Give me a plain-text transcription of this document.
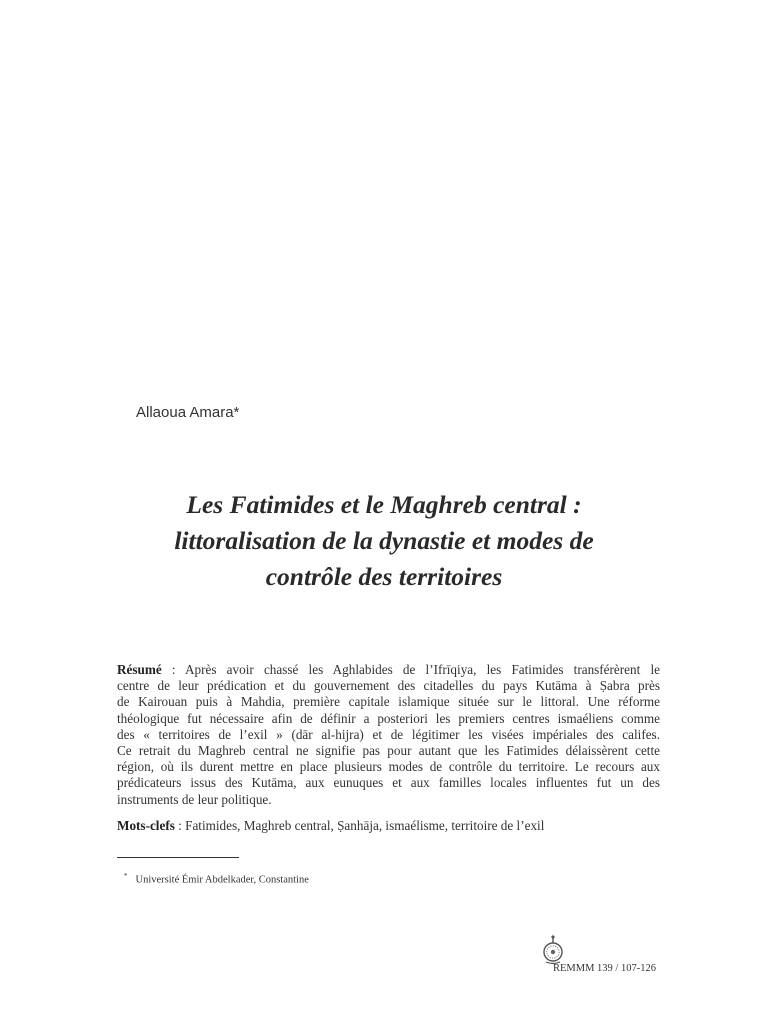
Allaoua Amara*
Les Fatimides et le Maghreb central :
littoralisation de la dynastie et modes de
contrôle des territoires
Résumé : Après avoir chassé les Aghlabides de l’Ifrīqiya, les Fatimides transférèrent le
centre de leur prédication et du gouvernement des citadelles du pays Kutāma à Ṣabra près
de Kairouan puis à Mahdia, première capitale islamique située sur le littoral. Une réforme
théologique fut nécessaire afin de définir a posteriori les premiers centres ismaéliens comme
des « territoires de l’exil » (dār al-hijra) et de légitimer les visées impériales des califes.
Ce retrait du Maghreb central ne signifie pas pour autant que les Fatimides délaissèrent cette
région, où ils durent mettre en place plusieurs modes de contrôle du territoire. Le recours aux
prédicateurs issus des Kutāma, aux eunuques et aux familles locales influentes fut un des
instruments de leur politique.
Mots-clefs : Fatimides, Maghreb central, Ṣanhāja, ismaélisme, territoire de l’exil
* Université Émir Abdelkader, Constantine
REMMM 139 / 107-126
